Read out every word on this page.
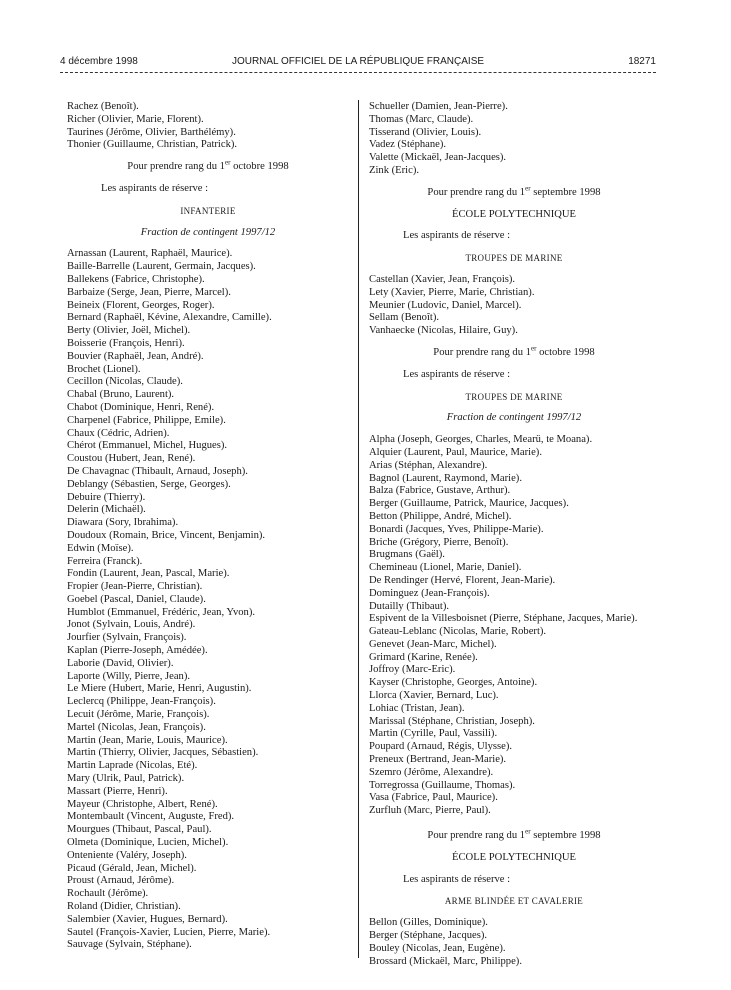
4 décembre 1998	JOURNAL OFFICIEL DE LA RÉPUBLIQUE FRANÇAISE	18271
Rachez (Benoît).
Richer (Olivier, Marie, Florent).
Taurines (Jérôme, Olivier, Barthélémy).
Thonier (Guillaume, Christian, Patrick).
Pour prendre rang du 1er octobre 1998
Les aspirants de réserve :
INFANTERIE
Fraction de contingent 1997/12
Arnassan (Laurent, Raphaël, Maurice).
Baille-Barrelle (Laurent, Germain, Jacques).
Ballekens (Fabrice, Christophe).
Barbaize (Serge, Jean, Pierre, Marcel).
Beineix (Florent, Georges, Roger).
Bernard (Raphaël, Kévine, Alexandre, Camille).
Berty (Olivier, Joël, Michel).
Boisserie (François, Henri).
Bouvier (Raphaël, Jean, André).
Brochet (Lionel).
Cecillon (Nicolas, Claude).
Chabal (Bruno, Laurent).
Chabot (Dominique, Henri, René).
Charpenel (Fabrice, Philippe, Emile).
Chaux (Cédric, Adrien).
Chérot (Emmanuel, Michel, Hugues).
Coustou (Hubert, Jean, René).
De Chavagnac (Thibault, Arnaud, Joseph).
Deblangy (Sébastien, Serge, Georges).
Debuire (Thierry).
Delerin (Michaël).
Diawara (Sory, Ibrahima).
Doudoux (Romain, Brice, Vincent, Benjamin).
Edwin (Moïse).
Ferreira (Franck).
Fondin (Laurent, Jean, Pascal, Marie).
Fropier (Jean-Pierre, Christian).
Goebel (Pascal, Daniel, Claude).
Humblot (Emmanuel, Frédéric, Jean, Yvon).
Jonot (Sylvain, Louis, André).
Jourfier (Sylvain, François).
Kaplan (Pierre-Joseph, Amédée).
Laborie (David, Olivier).
Laporte (Willy, Pierre, Jean).
Le Miere (Hubert, Marie, Henri, Augustin).
Leclercq (Philippe, Jean-François).
Lecuit (Jérôme, Marie, François).
Martel (Nicolas, Jean, François).
Martin (Jean, Marie, Louis, Maurice).
Martin (Thierry, Olivier, Jacques, Sébastien).
Martin Laprade (Nicolas, Eté).
Mary (Ulrik, Paul, Patrick).
Massart (Pierre, Henri).
Mayeur (Christophe, Albert, René).
Montembault (Vincent, Auguste, Fred).
Mourgues (Thibaut, Pascal, Paul).
Olmeta (Dominique, Lucien, Michel).
Onteniente (Valéry, Joseph).
Picaud (Gérald, Jean, Michel).
Proust (Arnaud, Jérôme).
Rochault (Jérôme).
Roland (Didier, Christian).
Salembier (Xavier, Hugues, Bernard).
Sautel (François-Xavier, Lucien, Pierre, Marie).
Sauvage (Sylvain, Stéphane).
Schueller (Damien, Jean-Pierre).
Thomas (Marc, Claude).
Tisserand (Olivier, Louis).
Vadez (Stéphane).
Valette (Mickaël, Jean-Jacques).
Zink (Eric).
Pour prendre rang du 1er septembre 1998
ÉCOLE POLYTECHNIQUE
Les aspirants de réserve :
TROUPES DE MARINE
Castellan (Xavier, Jean, François).
Lety (Xavier, Pierre, Marie, Christian).
Meunier (Ludovic, Daniel, Marcel).
Sellam (Benoît).
Vanhaecke (Nicolas, Hilaire, Guy).
Pour prendre rang du 1er octobre 1998
Les aspirants de réserve :
TROUPES DE MARINE
Fraction de contingent 1997/12
Alpha (Joseph, Georges, Charles, Mearü, te Moana).
Alquier (Laurent, Paul, Maurice, Marie).
Arias (Stéphan, Alexandre).
Bagnol (Laurent, Raymond, Marie).
Balza (Fabrice, Gustave, Arthur).
Berger (Guillaume, Patrick, Maurice, Jacques).
Betton (Philippe, André, Michel).
Bonardi (Jacques, Yves, Philippe-Marie).
Briche (Grégory, Pierre, Benoît).
Brugmans (Gaël).
Chemineau (Lionel, Marie, Daniel).
De Rendinger (Hervé, Florent, Jean-Marie).
Dominguez (Jean-François).
Dutailly (Thibaut).
Espivent de la Villesboisnet (Pierre, Stéphane, Jacques, Marie).
Gateau-Leblanc (Nicolas, Marie, Robert).
Genevet (Jean-Marc, Michel).
Grimard (Karine, Renée).
Joffroy (Marc-Eric).
Kayser (Christophe, Georges, Antoine).
Llorca (Xavier, Bernard, Luc).
Lohiac (Tristan, Jean).
Marissal (Stéphane, Christian, Joseph).
Martin (Cyrille, Paul, Vassili).
Poupard (Arnaud, Régis, Ulysse).
Preneux (Bertrand, Jean-Marie).
Szemro (Jérôme, Alexandre).
Torregrossa (Guillaume, Thomas).
Vasa (Fabrice, Paul, Maurice).
Zurfluh (Marc, Pierre, Paul).
Pour prendre rang du 1er septembre 1998
ÉCOLE POLYTECHNIQUE
Les aspirants de réserve :
ARME BLINDÉE ET CAVALERIE
Bellon (Gilles, Dominique).
Berger (Stéphane, Jacques).
Bouley (Nicolas, Jean, Eugène).
Brossard (Mickaël, Marc, Philippe).
